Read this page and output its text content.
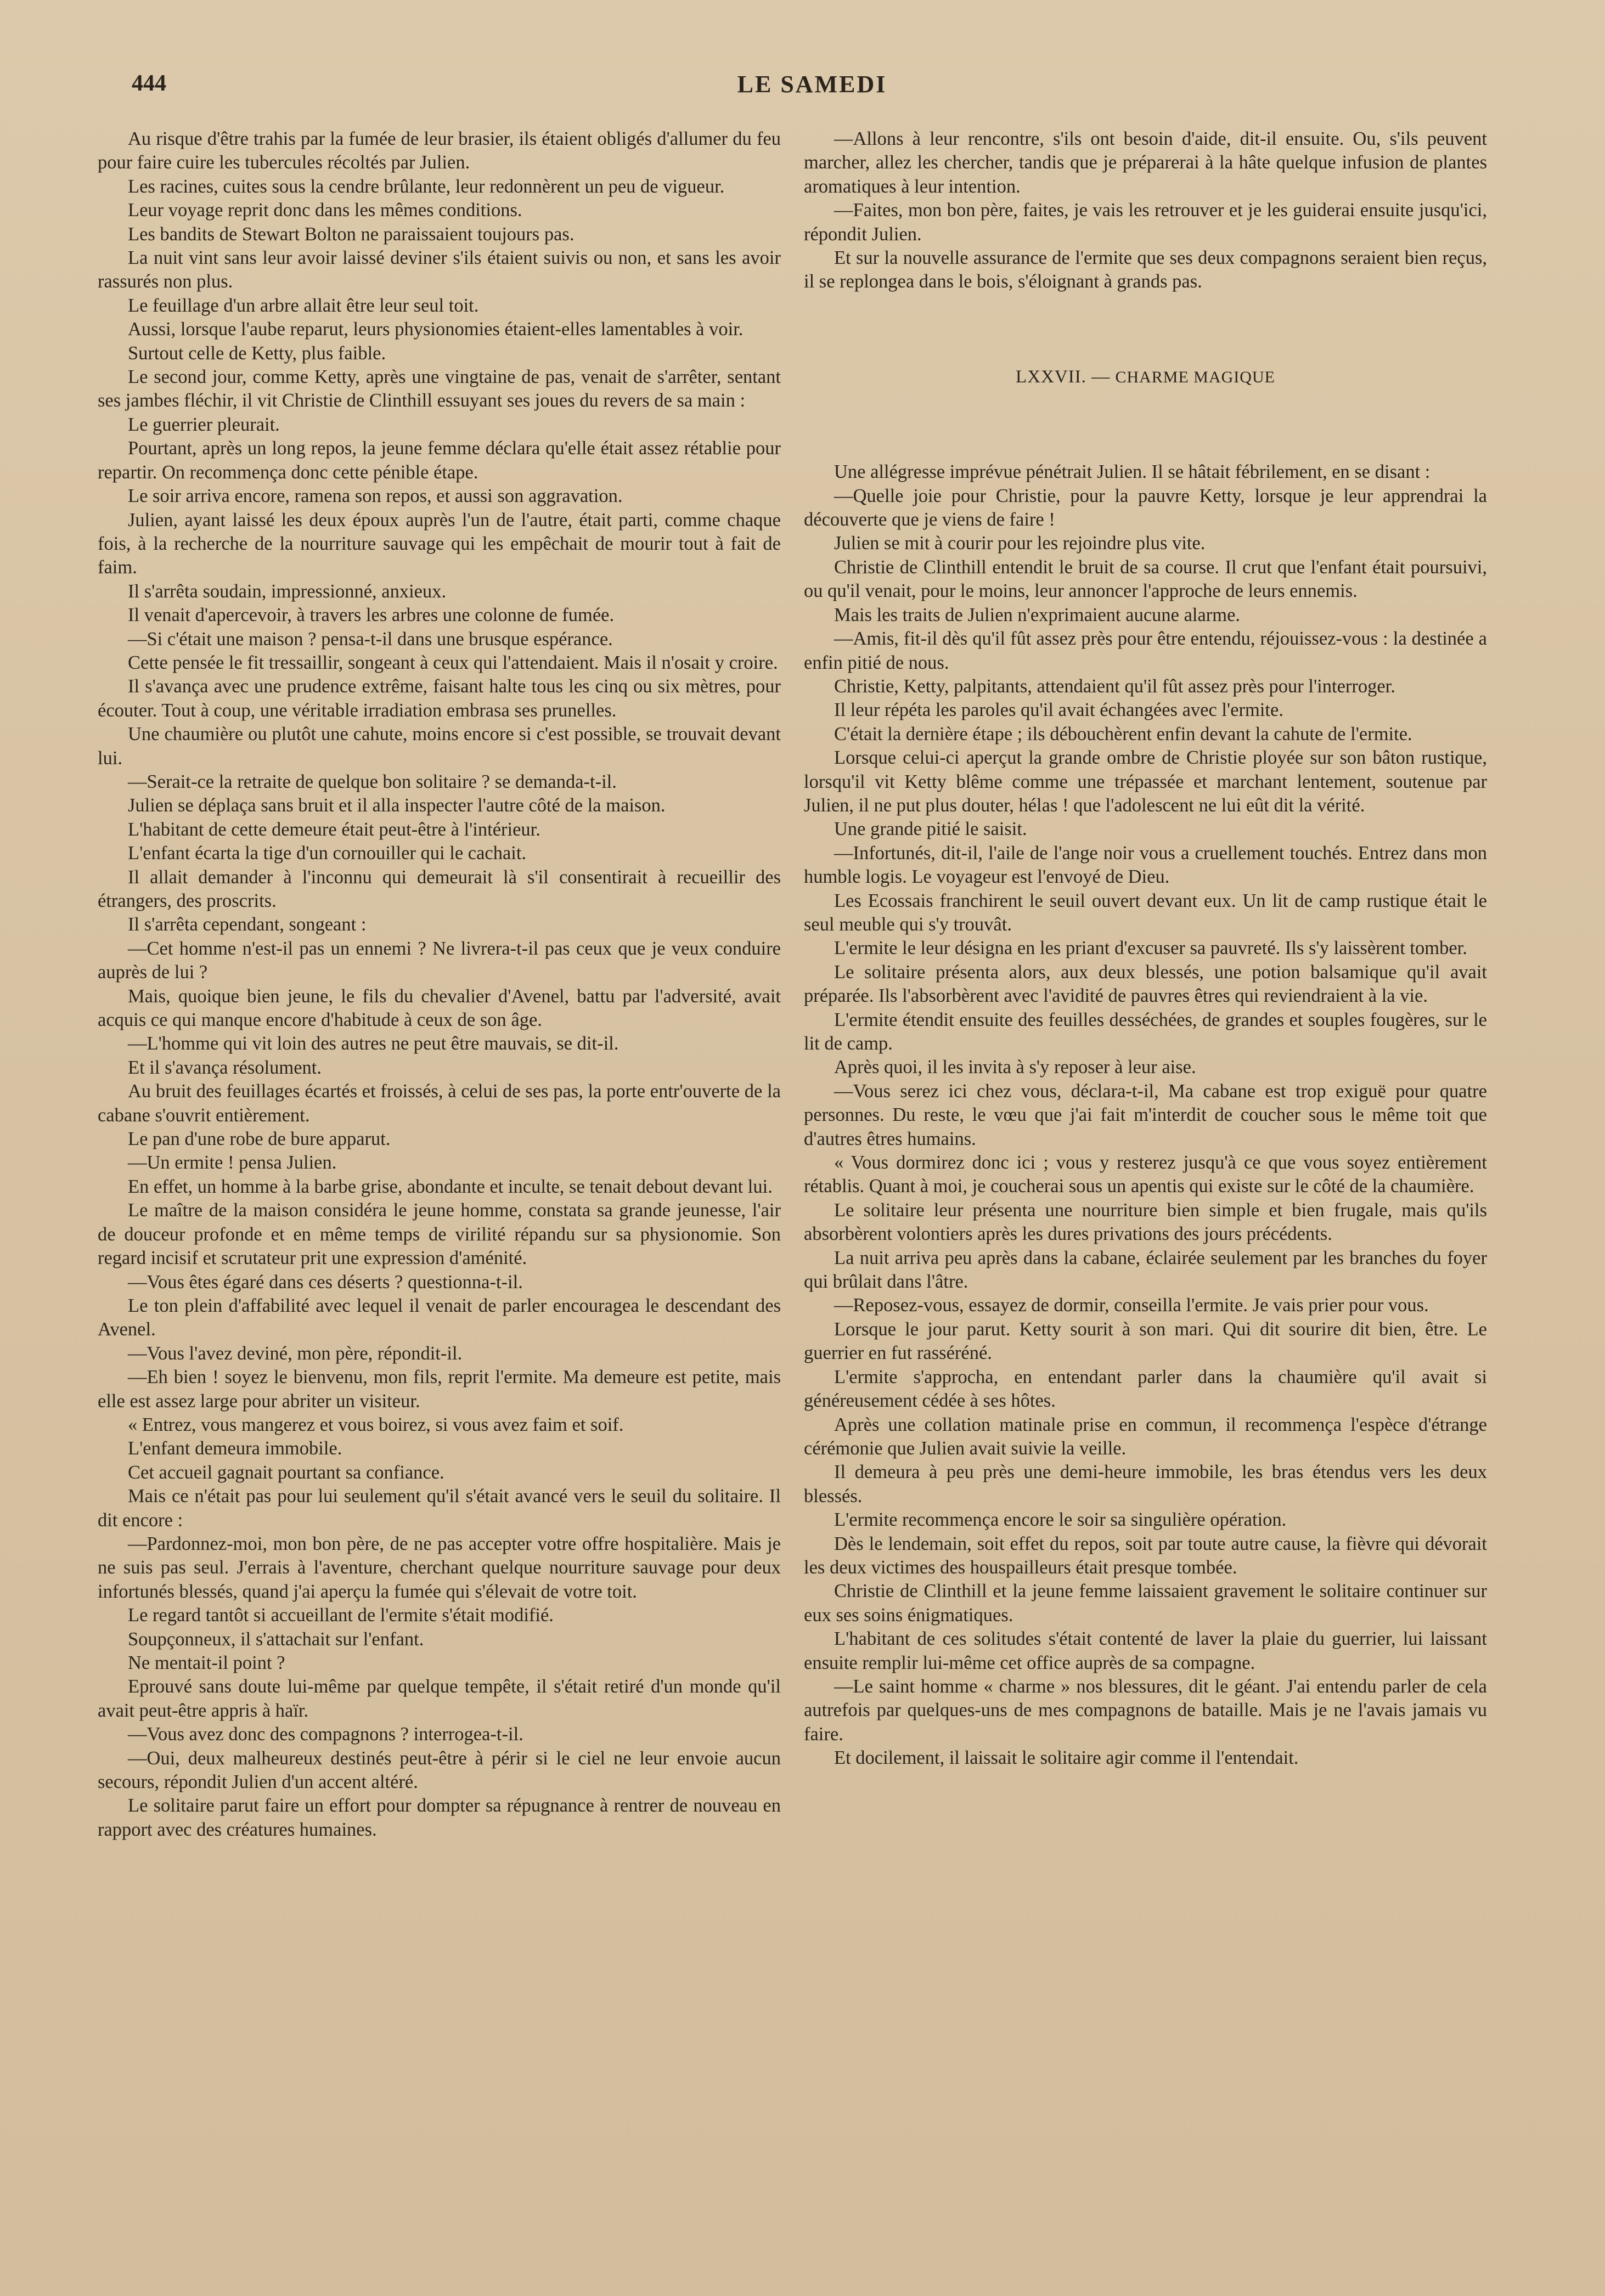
444	LE SAMEDI

Au risque d'être trahis par la fumée de leur brasier, ils étaient obligés d'allumer du feu pour faire cuire les tubercules récoltés par Julien.

Les racines, cuites sous la cendre brûlante, leur redonnèrent un peu de vigueur.

Leur voyage reprit donc dans les mêmes conditions.

Les bandits de Stewart Bolton ne paraissaient toujours pas.

La nuit vint sans leur avoir laissé deviner s'ils étaient suivis ou non, et sans les avoir rassurés non plus.

Le feuillage d'un arbre allait être leur seul toit.

Aussi, lorsque l'aube reparut, leurs physionomies étaient-elles lamentables à voir.

Surtout celle de Ketty, plus faible.

Le second jour, comme Ketty, après une vingtaine de pas, venait de s'arrêter, sentant ses jambes fléchir, il vit Christie de Clinthill essuyant ses joues du revers de sa main :

Le guerrier pleurait.

Pourtant, après un long repos, la jeune femme déclara qu'elle était assez rétablie pour repartir. On recommença donc cette pénible étape.

Le soir arriva encore, ramena son repos, et aussi son aggravation.

Julien, ayant laissé les deux époux auprès l'un de l'autre, était parti, comme chaque fois, à la recherche de la nourriture sauvage qui les empêchait de mourir tout à fait de faim.

Il s'arrêta soudain, impressionné, anxieux.

Il venait d'apercevoir, à travers les arbres une colonne de fumée.

—Si c'était une maison ? pensa-t-il dans une brusque espérance.

Cette pensée le fit tressaillir, songeant à ceux qui l'attendaient. Mais il n'osait y croire.

Il s'avança avec une prudence extrême, faisant halte tous les cinq ou six mètres, pour écouter. Tout à coup, une véritable irradiation embrasa ses prunelles.

Une chaumière ou plutôt une cahute, moins encore si c'est possible, se trouvait devant lui.

—Serait-ce la retraite de quelque bon solitaire ? se demanda-t-il.

Julien se déplaça sans bruit et il alla inspecter l'autre côté de la maison.

L'habitant de cette demeure était peut-être à l'intérieur.

L'enfant écarta la tige d'un cornouiller qui le cachait.

Il allait demander à l'inconnu qui demeurait là s'il consentirait à recueillir des étrangers, des proscrits.

Il s'arrêta cependant, songeant :

—Cet homme n'est-il pas un ennemi ? Ne livrera-t-il pas ceux que je veux conduire auprès de lui ?

Mais, quoique bien jeune, le fils du chevalier d'Avenel, battu par l'adversité, avait acquis ce qui manque encore d'habitude à ceux de son âge.

—L'homme qui vit loin des autres ne peut être mauvais, se dit-il.

Et il s'avança résolument.

Au bruit des feuillages écartés et froissés, à celui de ses pas, la porte entr'ouverte de la cabane s'ouvrit entièrement.

Le pan d'une robe de bure apparut.

—Un ermite ! pensa Julien.

En effet, un homme à la barbe grise, abondante et inculte, se tenait debout devant lui.

Le maître de la maison considéra le jeune homme, constata sa grande jeunesse, l'air de douceur profonde et en même temps de virilité répandu sur sa physionomie. Son regard incisif et scrutateur prit une expression d'aménité.

—Vous êtes égaré dans ces déserts ? questionna-t-il.

Le ton plein d'affabilité avec lequel il venait de parler encouragea le descendant des Avenel.

—Vous l'avez deviné, mon père, répondit-il.

—Eh bien ! soyez le bienvenu, mon fils, reprit l'ermite. Ma demeure est petite, mais elle est assez large pour abriter un visiteur.

« Entrez, vous mangerez et vous boirez, si vous avez faim et soif.

L'enfant demeura immobile.

Cet accueil gagnait pourtant sa confiance.

Mais ce n'était pas pour lui seulement qu'il s'était avancé vers le seuil du solitaire. Il dit encore :

—Pardonnez-moi, mon bon père, de ne pas accepter votre offre hospitalière. Mais je ne suis pas seul. J'errais à l'aventure, cherchant quelque nourriture sauvage pour deux infortunés blessés, quand j'ai aperçu la fumée qui s'élevait de votre toit.

Le regard tantôt si accueillant de l'ermite s'était modifié.

Soupçonneux, il s'attachait sur l'enfant.

Ne mentait-il point ?

Eprouvé sans doute lui-même par quelque tempête, il s'était retiré d'un monde qu'il avait peut-être appris à haïr.

—Vous avez donc des compagnons ? interrogea-t-il.

—Oui, deux malheureux destinés peut-être à périr si le ciel ne leur envoie aucun secours, répondit Julien d'un accent altéré.

Le solitaire parut faire un effort pour dompter sa répugnance à rentrer de nouveau en rapport avec des créatures humaines.

—Allons à leur rencontre, s'ils ont besoin d'aide, dit-il ensuite. Ou, s'ils peuvent marcher, allez les chercher, tandis que je préparerai à la hâte quelque infusion de plantes aromatiques à leur intention.

—Faites, mon bon père, faites, je vais les retrouver et je les guiderai ensuite jusqu'ici, répondit Julien.

Et sur la nouvelle assurance de l'ermite que ses deux compagnons seraient bien reçus, il se replongea dans le bois, s'éloignant à grands pas.

LXXVII. — CHARME MAGIQUE

Une allégresse imprévue pénétrait Julien. Il se hâtait fébrilement, en se disant :

—Quelle joie pour Christie, pour la pauvre Ketty, lorsque je leur apprendrai la découverte que je viens de faire !

Julien se mit à courir pour les rejoindre plus vite.

Christie de Clinthill entendit le bruit de sa course. Il crut que l'enfant était poursuivi, ou qu'il venait, pour le moins, leur annoncer l'approche de leurs ennemis.

Mais les traits de Julien n'exprimaient aucune alarme.

—Amis, fit-il dès qu'il fût assez près pour être entendu, réjouissez-vous : la destinée a enfin pitié de nous.

Christie, Ketty, palpitants, attendaient qu'il fût assez près pour l'interroger.

Il leur répéta les paroles qu'il avait échangées avec l'ermite.

C'était la dernière étape ; ils débouchèrent enfin devant la cahute de l'ermite.

Lorsque celui-ci aperçut la grande ombre de Christie ployée sur son bâton rustique, lorsqu'il vit Ketty blême comme une trépassée et marchant lentement, soutenue par Julien, il ne put plus douter, hélas ! que l'adolescent ne lui eût dit la vérité.

Une grande pitié le saisit.

—Infortunés, dit-il, l'aile de l'ange noir vous a cruellement touchés. Entrez dans mon humble logis. Le voyageur est l'envoyé de Dieu.

Les Ecossais franchirent le seuil ouvert devant eux. Un lit de camp rustique était le seul meuble qui s'y trouvât.

L'ermite le leur désigna en les priant d'excuser sa pauvreté. Ils s'y laissèrent tomber.

Le solitaire présenta alors, aux deux blessés, une potion balsamique qu'il avait préparée. Ils l'absorbèrent avec l'avidité de pauvres êtres qui reviendraient à la vie.

L'ermite étendit ensuite des feuilles desséchées, de grandes et souples fougères, sur le lit de camp.

Après quoi, il les invita à s'y reposer à leur aise.

—Vous serez ici chez vous, déclara-t-il, Ma cabane est trop exiguë pour quatre personnes. Du reste, le vœu que j'ai fait m'interdit de coucher sous le même toit que d'autres êtres humains.

« Vous dormirez donc ici ; vous y resterez jusqu'à ce que vous soyez entièrement rétablis. Quant à moi, je coucherai sous un apentis qui existe sur le côté de la chaumière.

Le solitaire leur présenta une nourriture bien simple et bien frugale, mais qu'ils absorbèrent volontiers après les dures privations des jours précédents.

La nuit arriva peu après dans la cabane, éclairée seulement par les branches du foyer qui brûlait dans l'âtre.

—Reposez-vous, essayez de dormir, conseilla l'ermite. Je vais prier pour vous.

Lorsque le jour parut. Ketty sourit à son mari. Qui dit sourire dit bien, être. Le guerrier en fut rasséréné.

L'ermite s'approcha, en entendant parler dans la chaumière qu'il avait si généreusement cédée à ses hôtes.

Après une collation matinale prise en commun, il recommença l'espèce d'étrange cérémonie que Julien avait suivie la veille.

Il demeura à peu près une demi-heure immobile, les bras étendus vers les deux blessés.

L'ermite recommença encore le soir sa singulière opération.

Dès le lendemain, soit effet du repos, soit par toute autre cause, la fièvre qui dévorait les deux victimes des houspailleurs était presque tombée.

Christie de Clinthill et la jeune femme laissaient gravement le solitaire continuer sur eux ses soins énigmatiques.

L'habitant de ces solitudes s'était contenté de laver la plaie du guerrier, lui laissant ensuite remplir lui-même cet office auprès de sa compagne.

—Le saint homme « charme » nos blessures, dit le géant. J'ai entendu parler de cela autrefois par quelques-uns de mes compagnons de bataille. Mais je ne l'avais jamais vu faire.

Et docilement, il laissait le solitaire agir comme il l'entendait.
